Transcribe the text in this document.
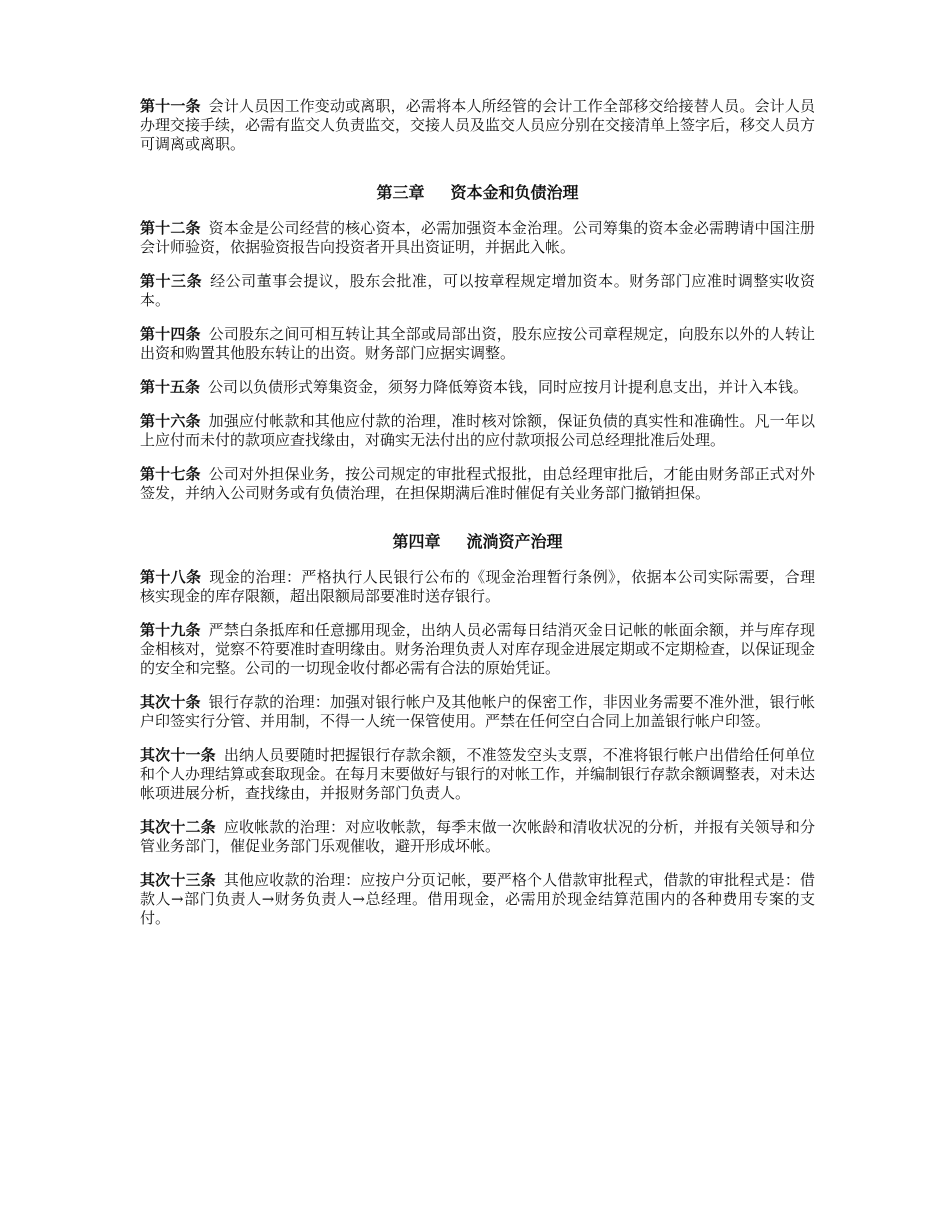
第十一条 会计人员因工作变动或离职，必需将本人所经管的会计工作全部移交给接替人员。会计人员办理交接手续，必需有监交人负责监交，交接人员及监交人员应分别在交接清单上签字后，移交人员方可调离或离职。

第三章 资本金和负债治理

第十二条 资本金是公司经营的核心资本，必需加强资本金治理。公司筹集的资本金必需聘请中国注册会计师验资，依据验资报告向投资者开具出资证明，并据此入帐。

第十三条 经公司董事会提议，股东会批准，可以按章程规定增加资本。财务部门应准时调整实收资本。

第十四条 公司股东之间可相互转让其全部或局部出资，股东应按公司章程规定，向股东以外的人转让出资和购置其他股东转让的出资。财务部门应据实调整。

第十五条 公司以负债形式筹集资金，须努力降低筹资本钱，同时应按月计提利息支出，并计入本钱。

第十六条 加强应付帐款和其他应付款的治理，准时核对馀额，保证负债的真实性和准确性。凡一年以上应付而未付的款项应查找缘由，对确实无法付出的应付款项报公司总经理批准后处理。

第十七条 公司对外担保业务，按公司规定的审批程式报批，由总经理审批后，才能由财务部正式对外签发，并纳入公司财务或有负债治理，在担保期满后准时催促有关业务部门撤销担保。

第四章 流淌资产治理

第十八条 现金的治理：严格执行人民银行公布的《现金治理暂行条例》，依据本公司实际需要，合理核实现金的库存限额，超出限额局部要准时送存银行。

第十九条 严禁白条抵库和任意挪用现金，出纳人员必需每日结消灭金日记帐的帐面余额，并与库存现金相核对，觉察不符要准时查明缘由。财务治理负责人对库存现金进展定期或不定期检查，以保证现金的安全和完整。公司的一切现金收付都必需有合法的原始凭证。

其次十条 银行存款的治理：加强对银行帐户及其他帐户的保密工作，非因业务需要不准外泄，银行帐户印签实行分管、并用制，不得一人统一保管使用。严禁在任何空白合同上加盖银行帐户印签。

其次十一条 出纳人员要随时把握银行存款余额，不准签发空头支票，不准将银行帐户出借给任何单位和个人办理结算或套取现金。在每月末要做好与银行的对帐工作，并编制银行存款余额调整表，对未达帐项进展分析，查找缘由，并报财务部门负责人。

其次十二条 应收帐款的治理：对应收帐款，每季末做一次帐龄和清收状况的分析，并报有关领导和分管业务部门，催促业务部门乐观催收，避开形成坏帐。

其次十三条 其他应收款的治理：应按户分页记帐，要严格个人借款审批程式，借款的审批程式是：借款人→部门负责人→财务负责人→总经理。借用现金，必需用於现金结算范围内的各种费用专案的支付。
